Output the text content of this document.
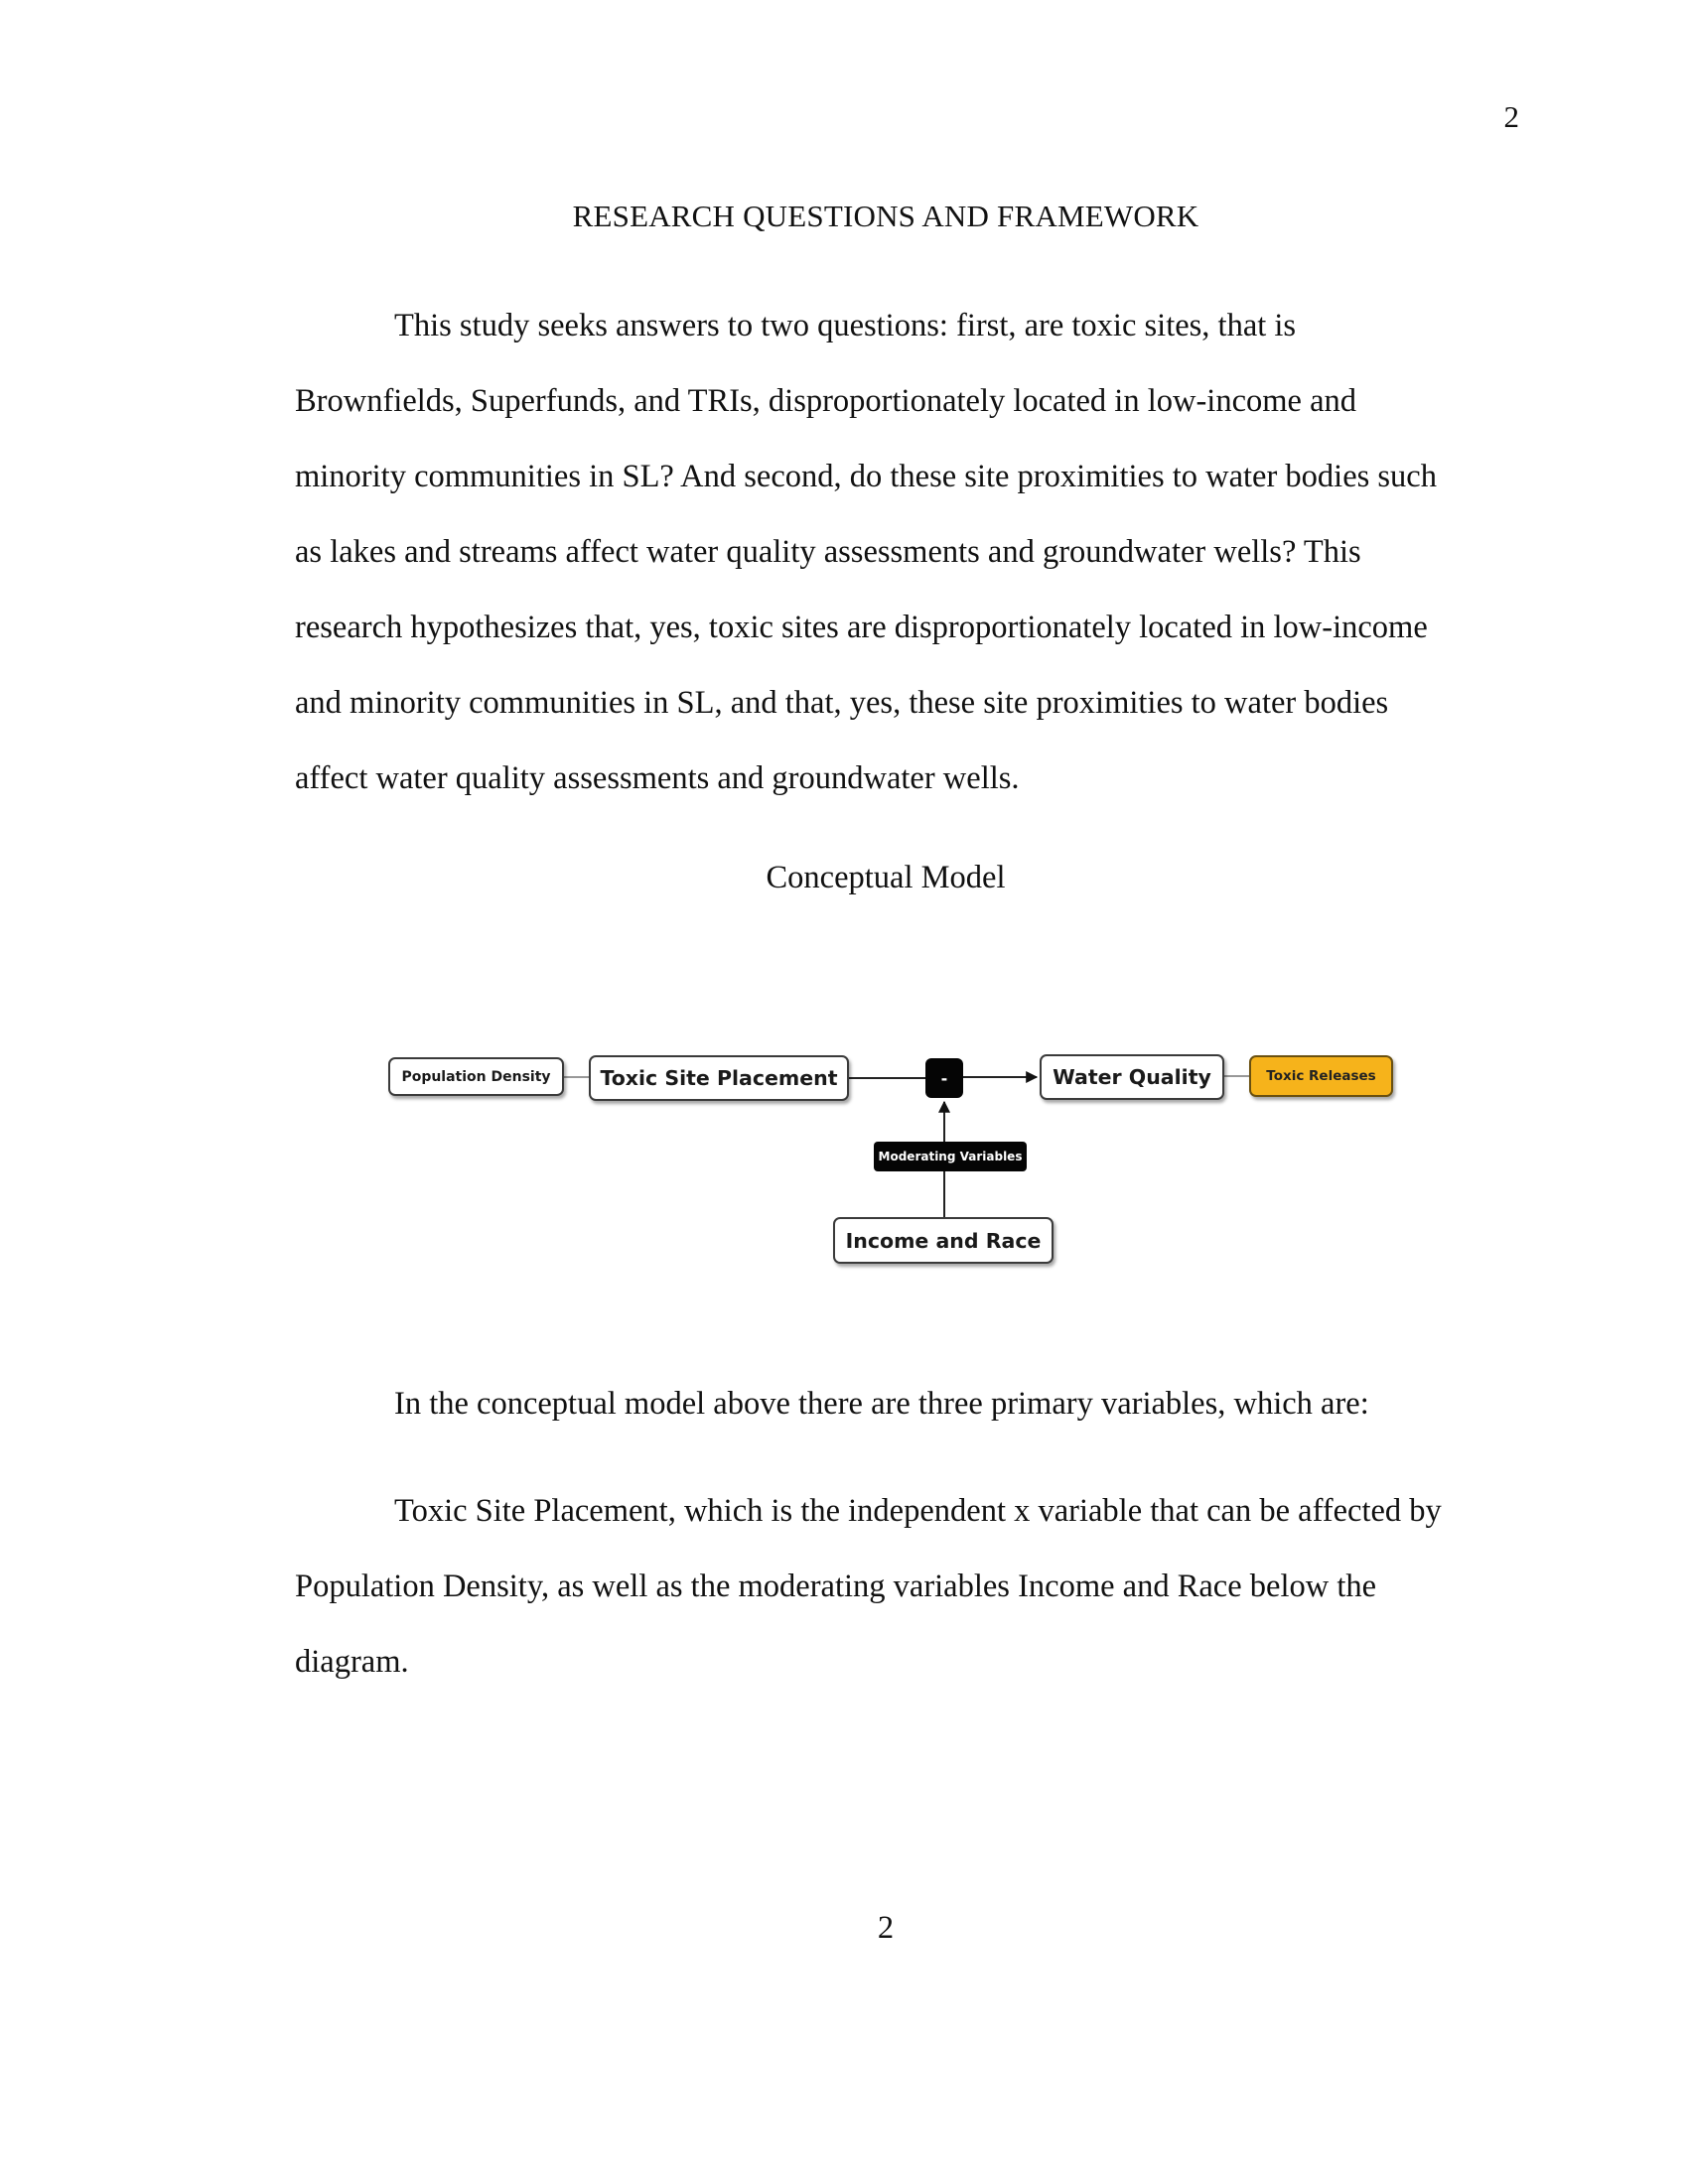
2
RESEARCH QUESTIONS AND FRAMEWORK
This study seeks answers to two questions: first, are toxic sites, that is
Brownfields, Superfunds, and TRIs, disproportionately located in low-income and
minority communities in SL? And second, do these site proximities to water bodies such
as lakes and streams affect water quality assessments and groundwater wells? This
research hypothesizes that, yes, toxic sites are disproportionately located in low-income
and minority communities in SL, and that, yes, these site proximities to water bodies
affect water quality assessments and groundwater wells.
Conceptual Model
Population Density	Toxic Site Placement	-	Water Quality	Toxic Releases
Moderating Variables
Income and Race
In the conceptual model above there are three primary variables, which are:
Toxic Site Placement, which is the independent x variable that can be affected by
Population Density, as well as the moderating variables Income and Race below the
diagram.
2
